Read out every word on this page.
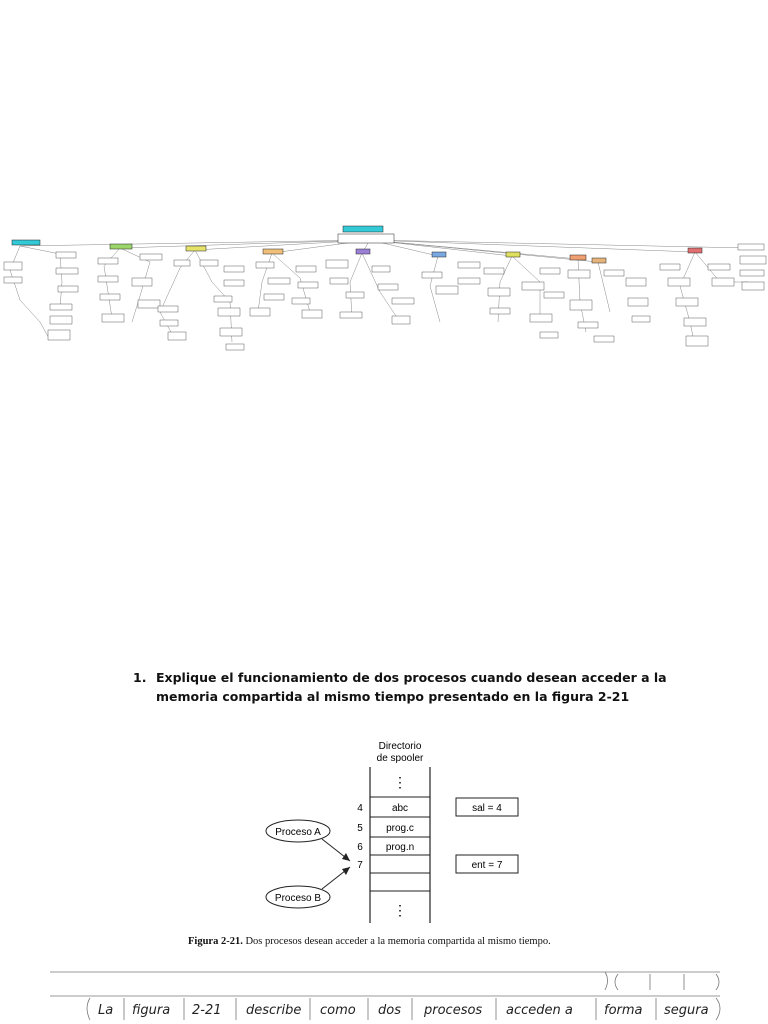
1. Explique el funcionamiento de dos procesos cuando desean acceder a la memoria compartida al mismo tiempo presentado en la figura 2-21
Directorio
de spooler
⋮
4	abc
5 prog.c
6 prog.n
7
⋮
Proceso A
Proceso B
sal = 4
ent = 7
Figura 2-21. Dos procesos desean acceder a la memoria compartida al mismo tiempo.
La figura 2-21 describe como dos procesos acceden a forma segura
